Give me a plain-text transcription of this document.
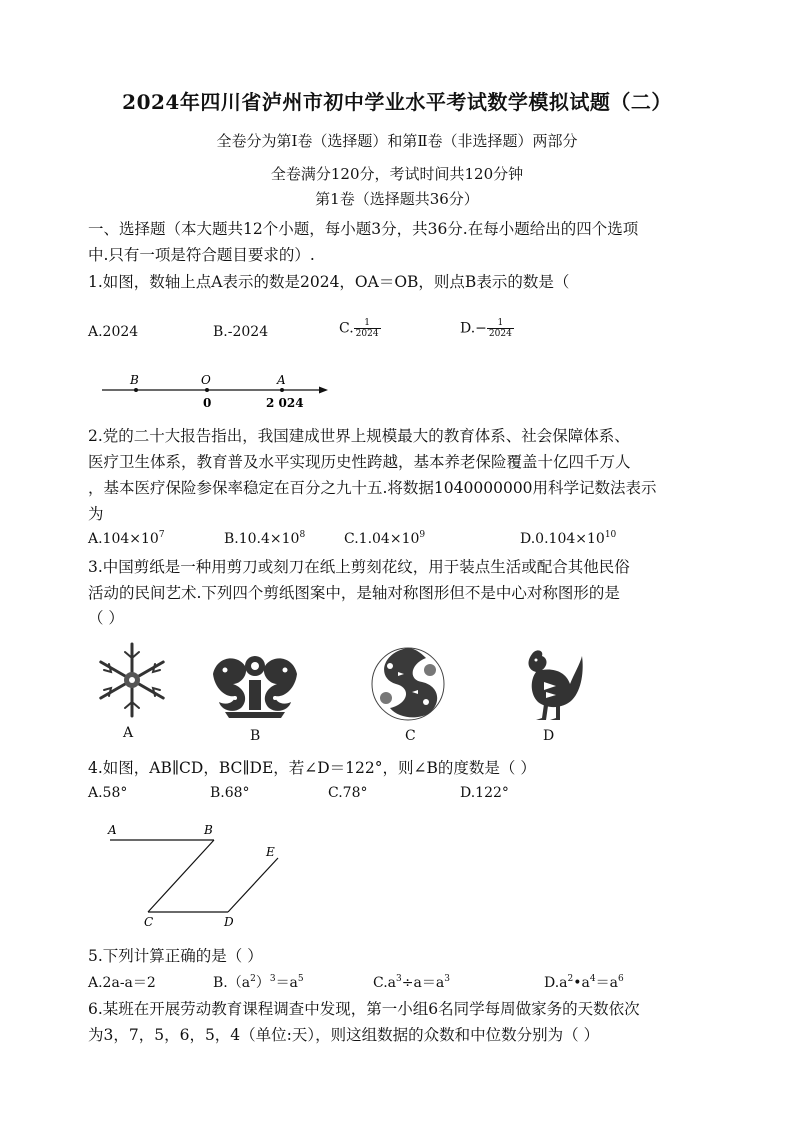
2024年四川省泸州市初中学业水平考试数学模拟试题（二）
全卷分为第Ⅰ卷（选择题）和第Ⅱ卷（非选择题）两部分
全卷满分120分，考试时间共120分钟
第1卷（选择题共36分）
一、选择题（本大题共12个小题，每小题3分，共36分.在每小题给出的四个选项
中.只有一项是符合题目要求的）.
1.如图，数轴上点A表示的数是2024，OA＝OB，则点B表示的数是（
A.2024	B.-2024	C. $\frac{1}{2024}$	$D.- \frac{1}{2024}$
B	O	A
0	2 024
2.党的二十大报告指出，我国建成世界上规模最大的教育体系、社会保障体系、
医疗卫生体系，教育普及水平实现历史性跨越，基本养老保险覆盖十亿四千万人
，基本医疗保险参保率稳定在百分之九十五.将数据1040000000用科学记数法表示
为
$A.104\times 10^7$	$B.10.4\times 10^8$	$C.1.04\times 10^9$	$D.0.104\times 10^{10}$
3.中国剪纸是一种用剪刀或刻刀在纸上剪刻花纹，用于装点生活或配合其他民俗
活动的民间艺术.下列四个剪纸图案中，是轴对称图形但不是中心对称图形的是
（ ）
A	B	C	D
4.如图，AB∥CD，BC∥DE，若∠D＝122°，则∠B的度数是（ ）
A.58°	B.68°	C.78°	D.122°
A	B
C	D
E
5.下列计算正确的是（ ）
A.2a-a＝2	$B.(a^2)^3=a^5$	$C.a^3\div a=a^3$	$D.a^2•a^4=a^6$
6.某班在开展劳动教育课程调查中发现，第一小组6名同学每周做家务的天数依次
为3，7，5，6，5，4（单位:天），则这组数据的众数和中位数分别为（ ）
